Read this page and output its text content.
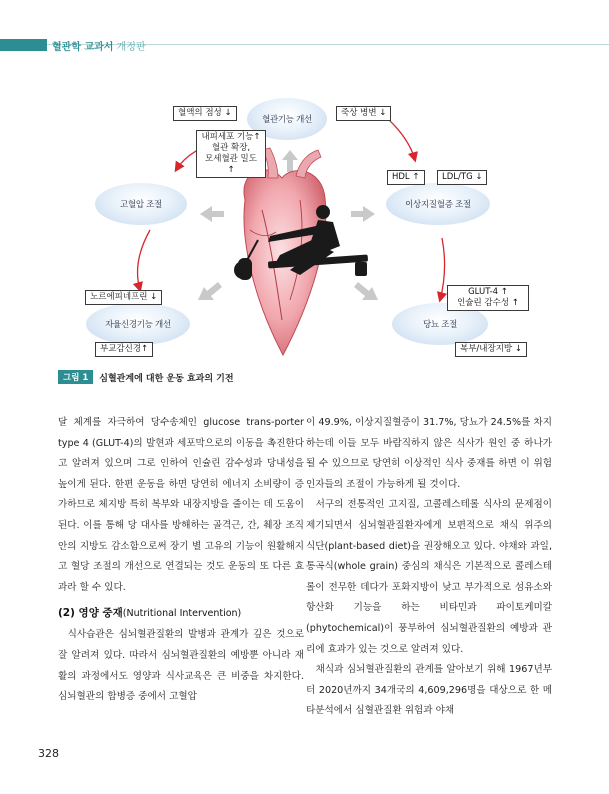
혈관학 교과서 개정판
혈관기능 개선
고혈압 조절	이상지질혈증 조절
자율신경기능 개선	당뇨 조절
혈액의 점성 ↓	죽상 병변 ↓
내피세포 기능↑
혈관 확장,
모세혈관 밀도 ↑
HDL ↑	LDL/TG ↓
노르에피네프린 ↓
부교감신경↑
GLUT-4 ↑
인슐린 감수성 ↑
복부/내장지방 ↓
그림 1	심혈관계에 대한 운동 효과의 기전

달 체계를 자극하여 당수송체인 glucose trans-porter type 4 (GLUT-4)의 발현과 세포막으로의 이동을 촉진한다고 알려져 있으며 그로 인하여 인슐린 감수성과 당내성을 높이게 된다. 한편 운동을 하면 당연히 에너지 소비량이 증가하므로 체지방 특히 복부와 내장지방을 줄이는 데 도움이 된다. 이를 통해 당 대사를 방해하는 골격근, 간, 췌장 조직 안의 지방도 감소함으로써 장기 별 고유의 기능이 원활해지고 혈당 조절의 개선으로 연결되는 것도 운동의 또 다른 효과라 할 수 있다.

(2) 영양 중재(Nutritional Intervention)

식사습관은 심뇌혈관질환의 발병과 관계가 깊은 것으로 잘 알려져 있다. 따라서 심뇌혈관질환의 예방뿐 아니라 재활의 과정에서도 영양과 식사교육은 큰 비중을 차지한다. 심뇌혈관의 합병증 중에서 고혈압

이 49.9%, 이상지질혈증이 31.7%, 당뇨가 24.5%를 차지하는데 이들 모두 바람직하지 않은 식사가 원인 중 하나가 될 수 있으므로 당연히 이상적인 식사 중재를 하면 이 위험인자들의 조절이 가능하게 될 것이다.

서구의 전통적인 고지질, 고콜레스테롤 식사의 문제점이 제기되면서 심뇌혈관질환자에게 보편적으로 채식 위주의 식단(plant-based diet)을 권장해오고 있다. 야채와 과일, 통곡식(whole grain) 중심의 채식은 기본적으로 콜레스테롤이 전무한 데다가 포화지방이 낮고 부가적으로 섬유소와 항산화 기능을 하는 비타민과 파이토케미칼(phytochemical)이 풍부하여 심뇌혈관질환의 예방과 관리에 효과가 있는 것으로 알려져 있다.

채식과 심뇌혈관질환의 관계를 알아보기 위해 1967년부터 2020년까지 34개국의 4,609,296명을 대상으로 한 메타분석에서 심혈관질환 위험과 야채

328
